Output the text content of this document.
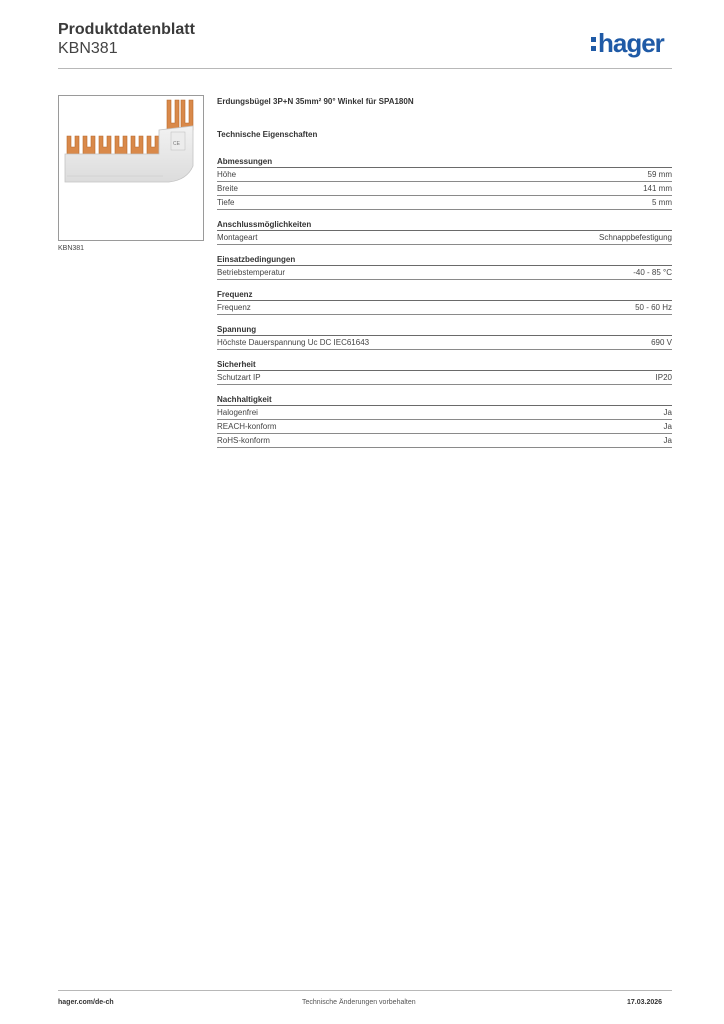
Produktdatenblatt
KBN381	hager
CE
KBN381
Erdungsbügel 3P+N 35mm² 90° Winkel für SPA180N
Technische Eigenschaften
Abmessungen
Höhe	59 mm
Breite	141 mm
Tiefe	5 mm
Anschlussmöglichkeiten
Montageart	Schnappbefestigung
Einsatzbedingungen
Betriebstemperatur	-40 - 85 °C
Frequenz
Frequenz	50 - 60 Hz
Spannung
Höchste Dauerspannung Uc DC IEC61643	690 V
Sicherheit
Schutzart IP	IP20
Nachhaltigkeit
Halogenfrei	Ja
REACH-konform	Ja
RoHS-konform	Ja
hager.com/de-ch	Technische Änderungen vorbehalten	17.03.2026
